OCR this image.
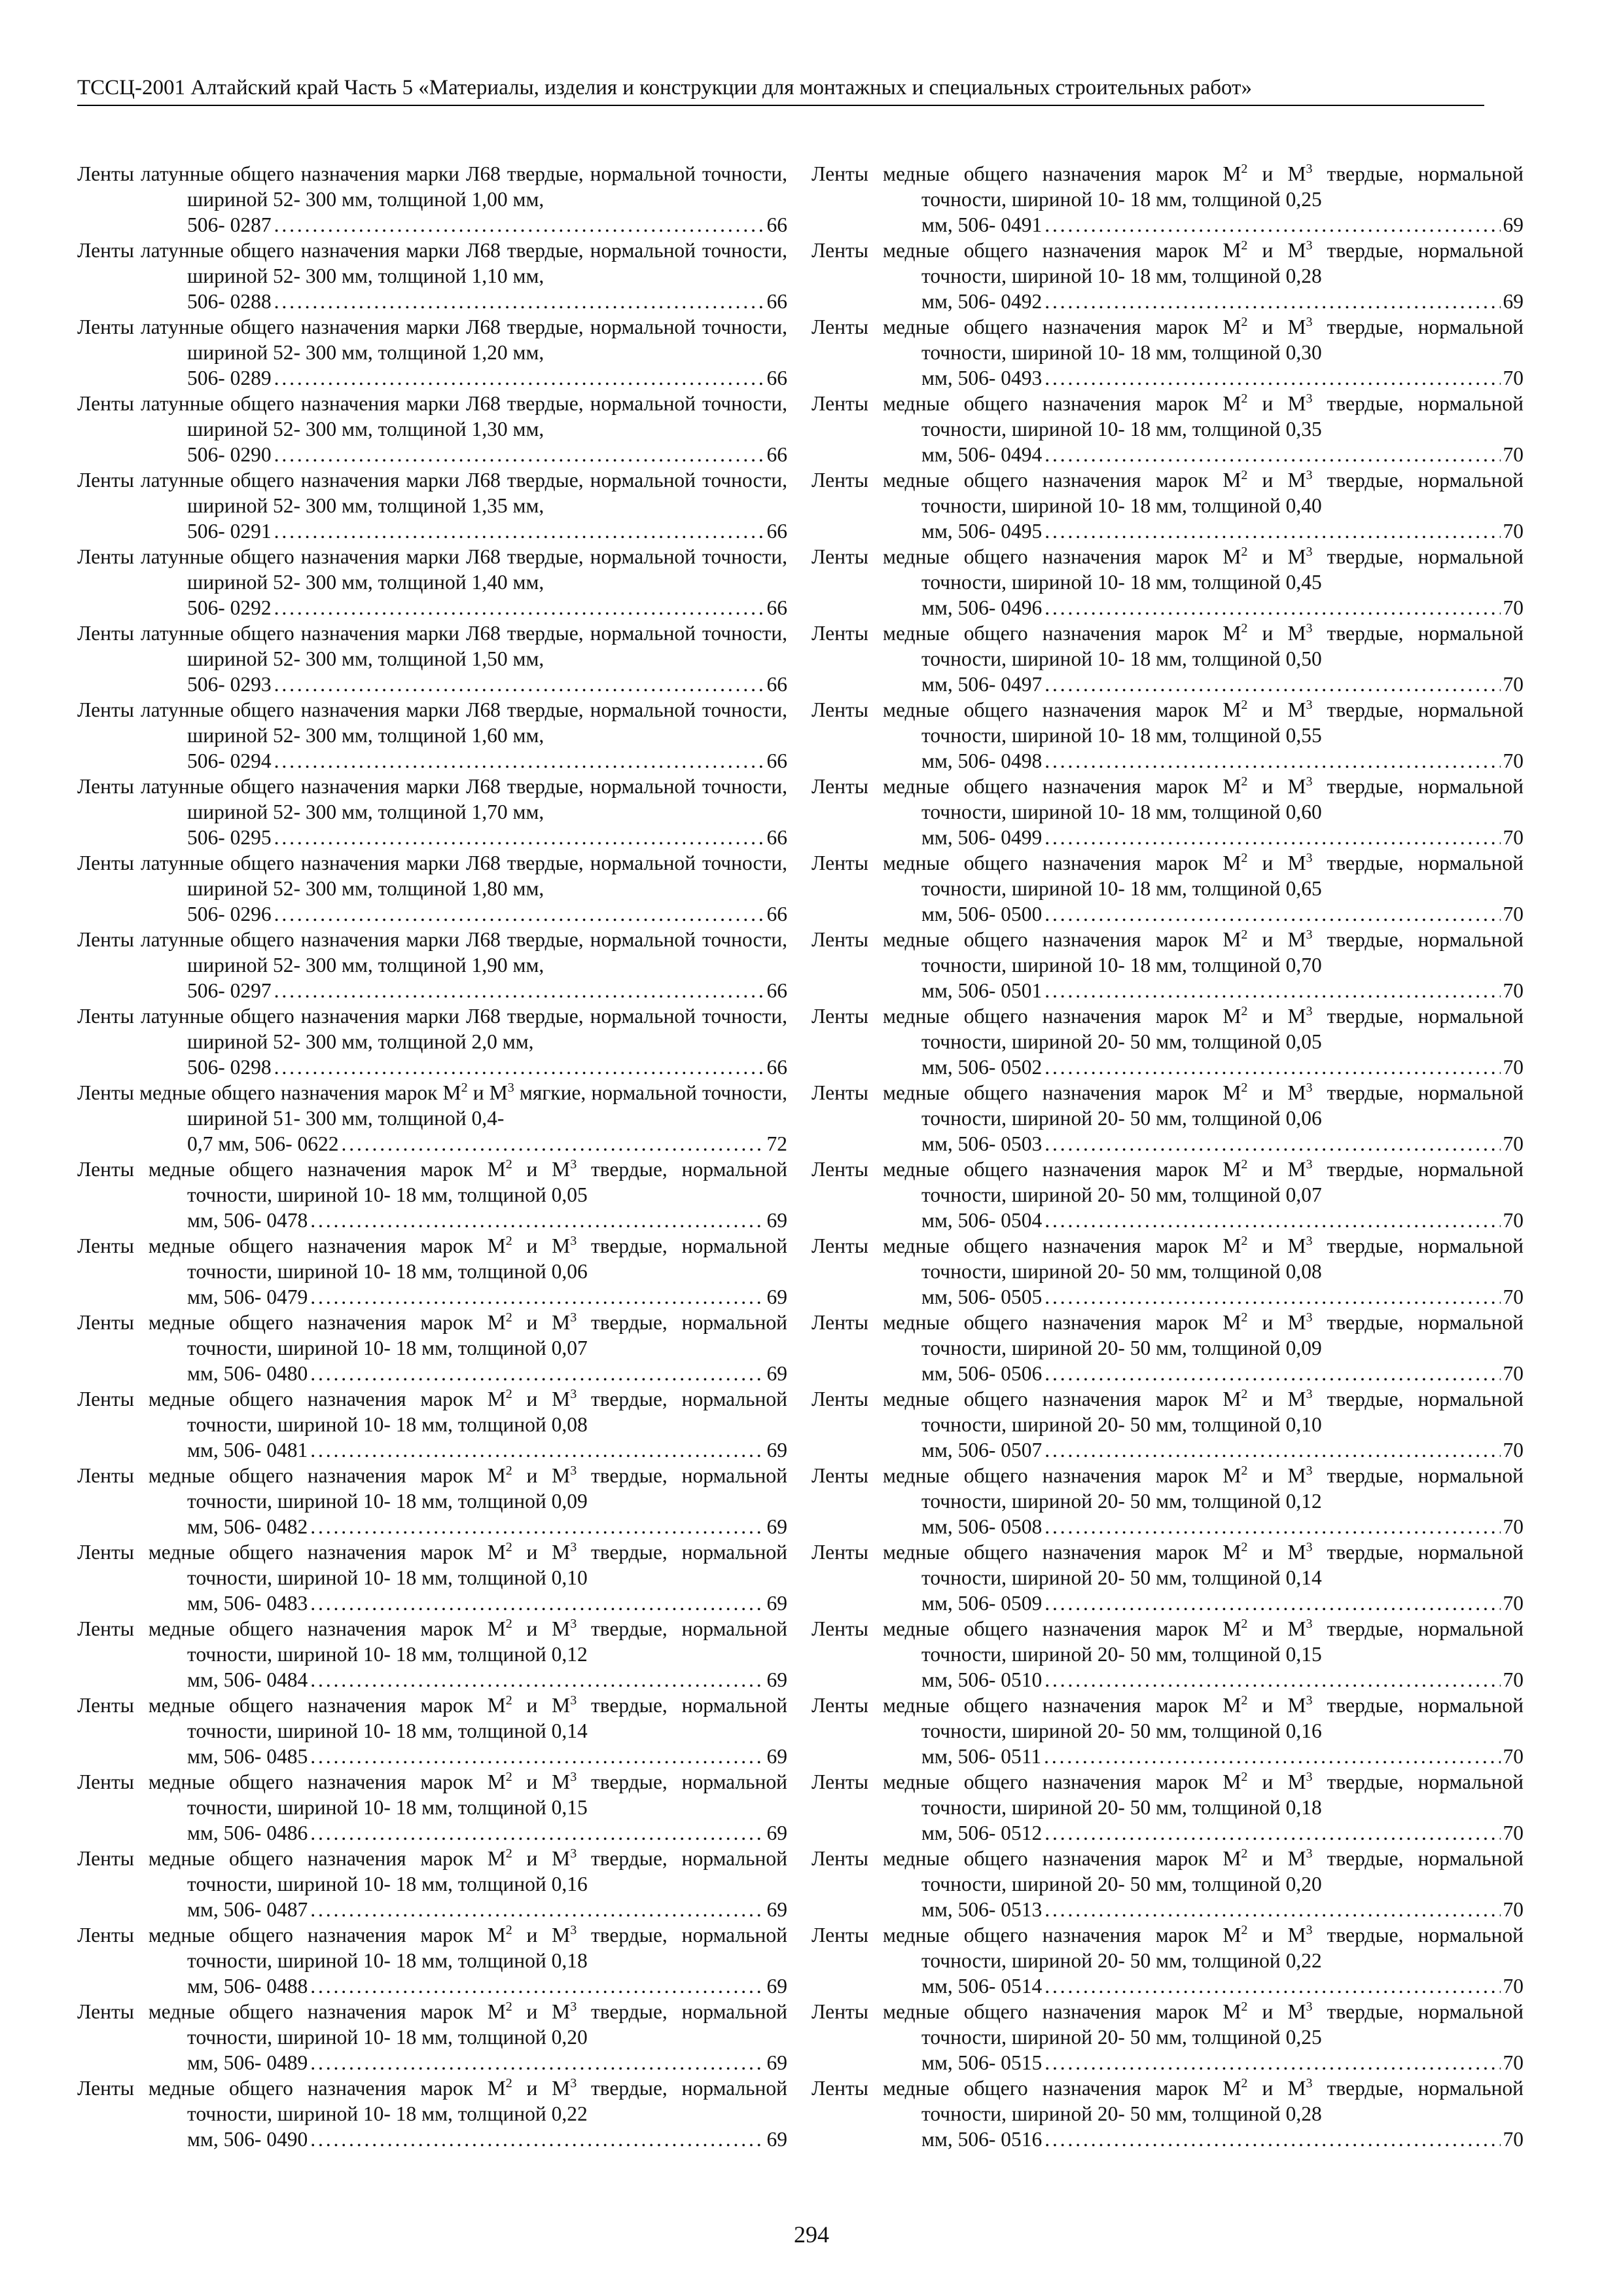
ТССЦ-2001 Алтайский край Часть 5 «Материалы, изделия и конструкции для монтажных и специальных строительных работ»
Ленты латунные общего назначения марки Л68 твердые, нормальной точности, шириной 52- 300 мм, толщиной 1,00 мм,
506- 0287 . . .	66
Ленты латунные общего назначения марки Л68 твердые, нормальной точности, шириной 52- 300 мм, толщиной 1,10 мм,
506- 0288 . . .	66
Ленты латунные общего назначения марки Л68 твердые, нормальной точности, шириной 52- 300 мм, толщиной 1,20 мм,
506- 0289 . . .	66
Ленты латунные общего назначения марки Л68 твердые, нормальной точности, шириной 52- 300 мм, толщиной 1,30 мм,
506- 0290 . . .	66
Ленты латунные общего назначения марки Л68 твердые, нормальной точности, шириной 52- 300 мм, толщиной 1,35 мм,
506- 0291 . . .	66
Ленты латунные общего назначения марки Л68 твердые, нормальной точности, шириной 52- 300 мм, толщиной 1,40 мм,
506- 0292 . . .	66
Ленты латунные общего назначения марки Л68 твердые, нормальной точности, шириной 52- 300 мм, толщиной 1,50 мм,
506- 0293 . . .	66
Ленты латунные общего назначения марки Л68 твердые, нормальной точности, шириной 52- 300 мм, толщиной 1,60 мм,
506- 0294 . . .	66
Ленты латунные общего назначения марки Л68 твердые, нормальной точности, шириной 52- 300 мм, толщиной 1,70 мм,
506- 0295 . . .	66
Ленты латунные общего назначения марки Л68 твердые, нормальной точности, шириной 52- 300 мм, толщиной 1,80 мм,
506- 0296 . . .	66
Ленты латунные общего назначения марки Л68 твердые, нормальной точности, шириной 52- 300 мм, толщиной 1,90 мм,
506- 0297 . . .	66
Ленты латунные общего назначения марки Л68 твердые, нормальной точности, шириной 52- 300 мм, толщиной 2,0 мм,
506- 0298 . . .	66
Ленты медные общего назначения марок $М^2$ и $М^3$ мягкие, нормальной точности, шириной 51- 300 мм, толщиной 0,4-
0,7 мм, 506- 0622 . . .	72
Ленты медные общего назначения марок $М^2$ и $М^3$ твердые, нормальной точности, шириной 10- 18 мм, толщиной 0,05
мм, 506- 0478 . . .	69
Ленты медные общего назначения марок $М^2$ и $М^3$ твердые, нормальной точности, шириной 10- 18 мм, толщиной 0,06
мм, 506- 0479 . . .	69
Ленты медные общего назначения марок $М^2$ и $М^3$ твердые, нормальной точности, шириной 10- 18 мм, толщиной 0,07
мм, 506- 0480 . . .	69
Ленты медные общего назначения марок $М^2$ и $М^3$ твердые, нормальной точности, шириной 10- 18 мм, толщиной 0,08
мм, 506- 0481 . . .	69
Ленты медные общего назначения марок $М^2$ и $М^3$ твердые, нормальной точности, шириной 10- 18 мм, толщиной 0,09
мм, 506- 0482 . . .	69
Ленты медные общего назначения марок $М^2$ и $М^3$ твердые, нормальной точности, шириной 10- 18 мм, толщиной 0,10
мм, 506- 0483 . . .	69
Ленты медные общего назначения марок $М^2$ и $М^3$ твердые, нормальной точности, шириной 10- 18 мм, толщиной 0,12
мм, 506- 0484 . . .	69
Ленты медные общего назначения марок $М^2$ и $М^3$ твердые, нормальной точности, шириной 10- 18 мм, толщиной 0,14
мм, 506- 0485 . . .	69
Ленты медные общего назначения марок $М^2$ и $М^3$ твердые, нормальной точности, шириной 10- 18 мм, толщиной 0,15
мм, 506- 0486 . . .	69
Ленты медные общего назначения марок $М^2$ и $М^3$ твердые, нормальной точности, шириной 10- 18 мм, толщиной 0,16
мм, 506- 0487 . . .	69
Ленты медные общего назначения марок $М^2$ и $М^3$ твердые, нормальной точности, шириной 10- 18 мм, толщиной 0,18
мм, 506- 0488 . . .	69
Ленты медные общего назначения марок $М^2$ и $М^3$ твердые, нормальной точности, шириной 10- 18 мм, толщиной 0,20
мм, 506- 0489 . . .	69
Ленты медные общего назначения марок $М^2$ и $М^3$ твердые, нормальной точности, шириной 10- 18 мм, толщиной 0,22
мм, 506- 0490 . . .	69
Ленты медные общего назначения марок $М^2$ и $М^3$ твердые, нормальной точности, шириной 10- 18 мм, толщиной 0,25
мм, 506- 0491 . . .	69
Ленты медные общего назначения марок $М^2$ и $М^3$ твердые, нормальной точности, шириной 10- 18 мм, толщиной 0,28
мм, 506- 0492 . . .	69
Ленты медные общего назначения марок $М^2$ и $М^3$ твердые, нормальной точности, шириной 10- 18 мм, толщиной 0,30
мм, 506- 0493 . . .	70
Ленты медные общего назначения марок $М^2$ и $М^3$ твердые, нормальной точности, шириной 10- 18 мм, толщиной 0,35
мм, 506- 0494 . . .	70
Ленты медные общего назначения марок $М^2$ и $М^3$ твердые, нормальной точности, шириной 10- 18 мм, толщиной 0,40
мм, 506- 0495 . . .	70
Ленты медные общего назначения марок $М^2$ и $М^3$ твердые, нормальной точности, шириной 10- 18 мм, толщиной 0,45
мм, 506- 0496 . . .	70
Ленты медные общего назначения марок $М^2$ и $М^3$ твердые, нормальной точности, шириной 10- 18 мм, толщиной 0,50
мм, 506- 0497 . . .	70
Ленты медные общего назначения марок $М^2$ и $М^3$ твердые, нормальной точности, шириной 10- 18 мм, толщиной 0,55
мм, 506- 0498 . . .	70
Ленты медные общего назначения марок $М^2$ и $М^3$ твердые, нормальной точности, шириной 10- 18 мм, толщиной 0,60
мм, 506- 0499 . . .	70
Ленты медные общего назначения марок $М^2$ и $М^3$ твердые, нормальной точности, шириной 10- 18 мм, толщиной 0,65
мм, 506- 0500 . . .	70
Ленты медные общего назначения марок $М^2$ и $М^3$ твердые, нормальной точности, шириной 10- 18 мм, толщиной 0,70
мм, 506- 0501 . . .	70
Ленты медные общего назначения марок $М^2$ и $М^3$ твердые, нормальной точности, шириной 20- 50 мм, толщиной 0,05
мм, 506- 0502 . . .	70
Ленты медные общего назначения марок $М^2$ и $М^3$ твердые, нормальной точности, шириной 20- 50 мм, толщиной 0,06
мм, 506- 0503 . . .	70
Ленты медные общего назначения марок $М^2$ и $М^3$ твердые, нормальной точности, шириной 20- 50 мм, толщиной 0,07
мм, 506- 0504 . . .	70
Ленты медные общего назначения марок $М^2$ и $М^3$ твердые, нормальной точности, шириной 20- 50 мм, толщиной 0,08
мм, 506- 0505 . . .	70
Ленты медные общего назначения марок $М^2$ и $М^3$ твердые, нормальной точности, шириной 20- 50 мм, толщиной 0,09
мм, 506- 0506 . . .	70
Ленты медные общего назначения марок $М^2$ и $М^3$ твердые, нормальной точности, шириной 20- 50 мм, толщиной 0,10
мм, 506- 0507 . . .	70
Ленты медные общего назначения марок $М^2$ и $М^3$ твердые, нормальной точности, шириной 20- 50 мм, толщиной 0,12
мм, 506- 0508 . . .	70
Ленты медные общего назначения марок $М^2$ и $М^3$ твердые, нормальной точности, шириной 20- 50 мм, толщиной 0,14
мм, 506- 0509 . . .	70
Ленты медные общего назначения марок $М^2$ и $М^3$ твердые, нормальной точности, шириной 20- 50 мм, толщиной 0,15
мм, 506- 0510 . . .	70
Ленты медные общего назначения марок $М^2$ и $М^3$ твердые, нормальной точности, шириной 20- 50 мм, толщиной 0,16
мм, 506- 0511 . . .	70
Ленты медные общего назначения марок $М^2$ и $М^3$ твердые, нормальной точности, шириной 20- 50 мм, толщиной 0,18
мм, 506- 0512 . . .	70
Ленты медные общего назначения марок $М^2$ и $М^3$ твердые, нормальной точности, шириной 20- 50 мм, толщиной 0,20
мм, 506- 0513 . . .	70
Ленты медные общего назначения марок $М^2$ и $М^3$ твердые, нормальной точности, шириной 20- 50 мм, толщиной 0,22
мм, 506- 0514 . . .	70
Ленты медные общего назначения марок $М^2$ и $М^3$ твердые, нормальной точности, шириной 20- 50 мм, толщиной 0,25
мм, 506- 0515 . . .	70
Ленты медные общего назначения марок $М^2$ и $М^3$ твердые, нормальной точности, шириной 20- 50 мм, толщиной 0,28
мм, 506- 0516 . . .	70
294
